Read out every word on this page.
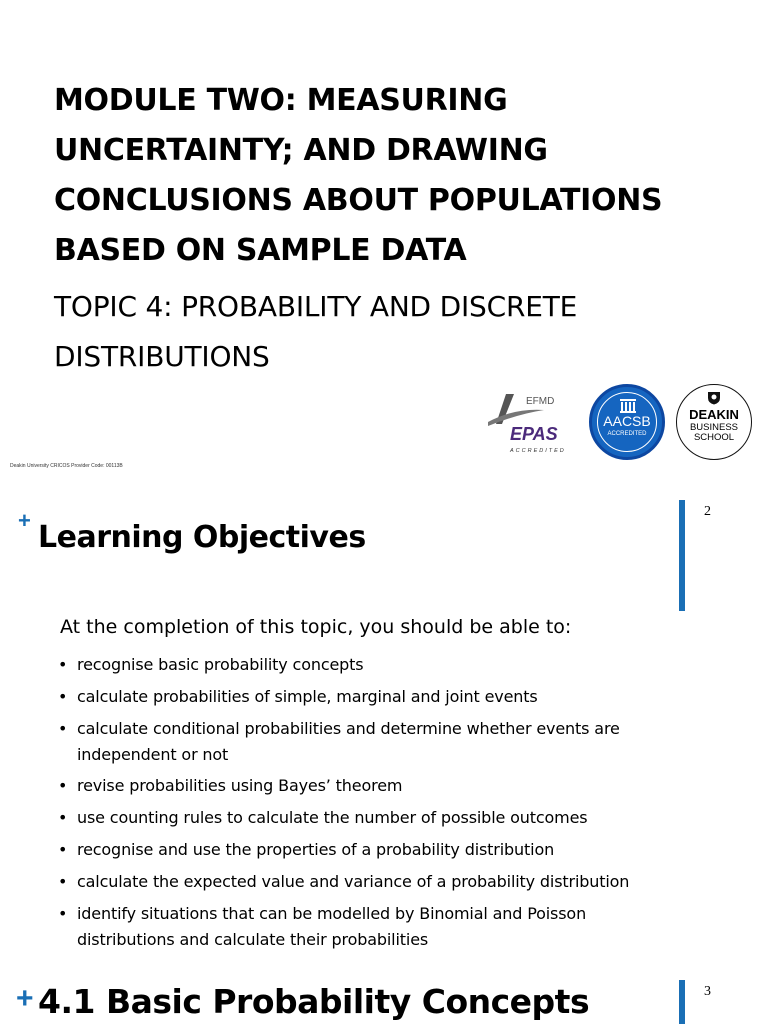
MODULE TWO: MEASURING UNCERTAINTY; AND DRAWING CONCLUSIONS ABOUT POPULATIONS BASED ON SAMPLE DATA
TOPIC 4: PROBABILITY AND DISCRETE DISTRIBUTIONS
EFMD
EPAS
ACCREDITED
AACSB
ACCREDITED
DEAKIN
BUSINESS
SCHOOL
Deakin University CRICOS Provider Code: 00113B
+ Learning Objectives
2
At the completion of this topic, you should be able to:
• recognise basic probability concepts
• calculate probabilities of simple, marginal and joint events
• calculate conditional probabilities and determine whether events are independent or not
• revise probabilities using Bayes’ theorem
• use counting rules to calculate the number of possible outcomes
• recognise and use the properties of a probability distribution
• calculate the expected value and variance of a probability distribution
• identify situations that can be modelled by Binomial and Poisson distributions and calculate their probabilities
+ 4.1 Basic Probability Concepts	3
